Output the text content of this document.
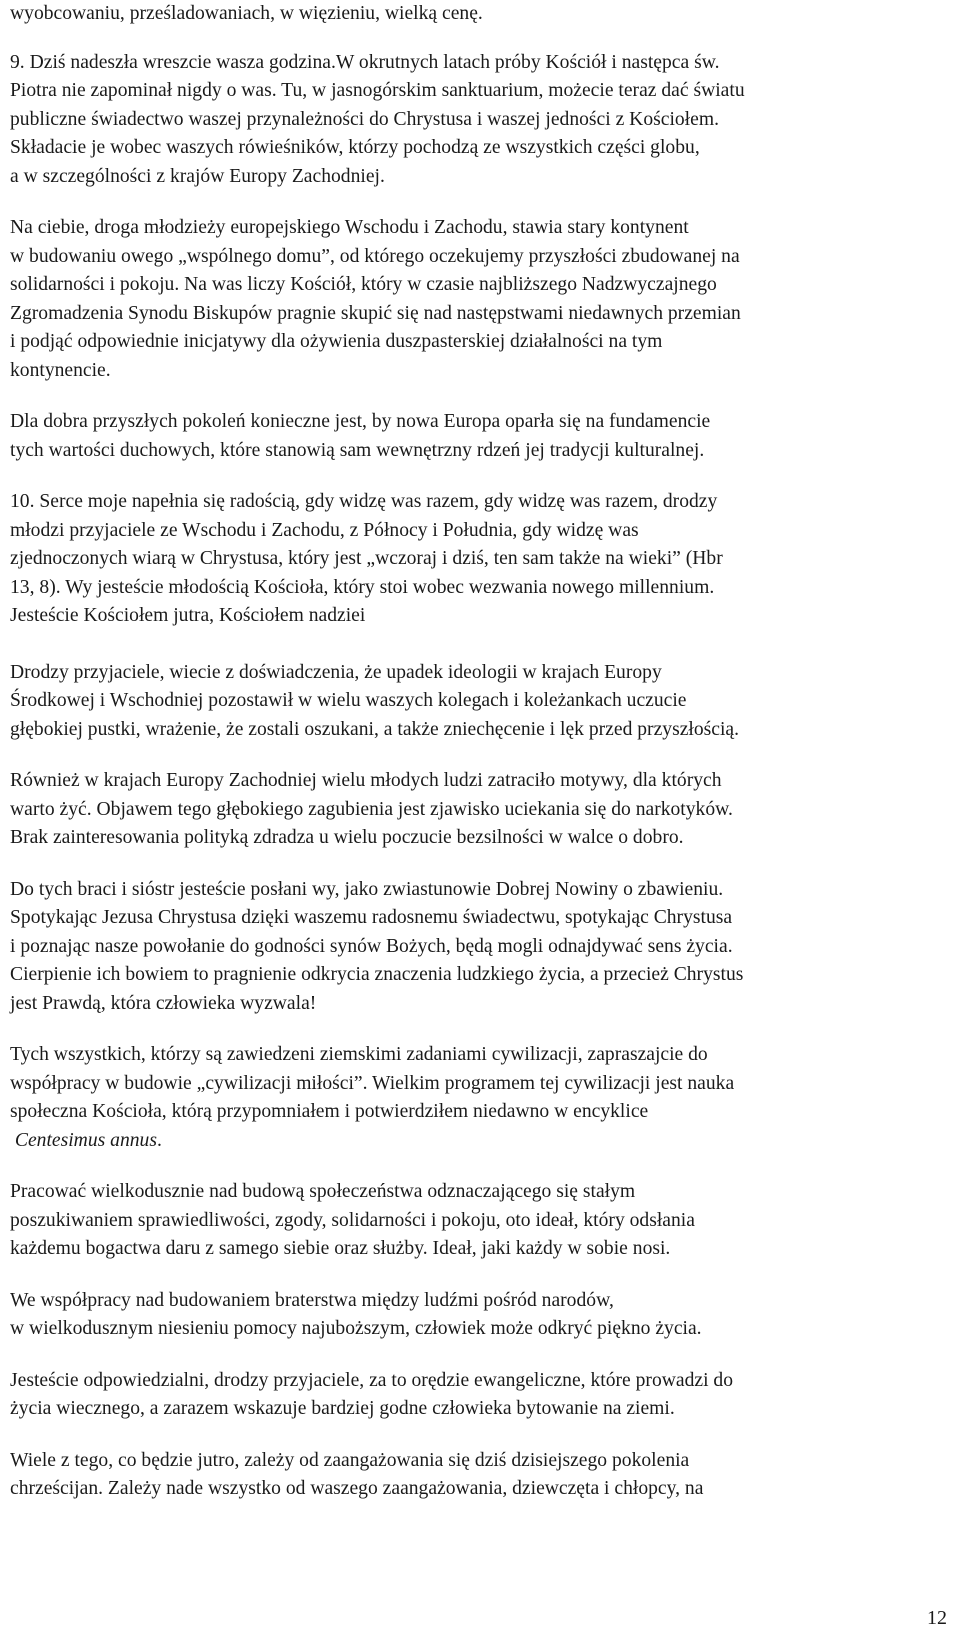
wyobcowaniu, prześladowaniach, w więzieniu, wielką cenę.

9. Dziś nadeszła wreszcie wasza godzina.W okrutnych latach próby Kościół i następca św.
Piotra nie zapominał nigdy o was. Tu, w jasnogórskim sanktuarium, możecie teraz dać światu
publiczne świadectwo waszej przynależności do Chrystusa i waszej jedności z Kościołem.
Składacie je wobec waszych rówieśników, którzy pochodzą ze wszystkich części globu,
a w szczególności z krajów Europy Zachodniej.

Na ciebie, droga młodzieży europejskiego Wschodu i Zachodu, stawia stary kontynent
w budowaniu owego „wspólnego domu”, od którego oczekujemy przyszłości zbudowanej na
solidarności i pokoju. Na was liczy Kościół, który w czasie najbliższego Nadzwyczajnego
Zgromadzenia Synodu Biskupów pragnie skupić się nad następstwami niedawnych przemian
i podjąć odpowiednie inicjatywy dla ożywienia duszpasterskiej działalności na tym
kontynencie.

Dla dobra przyszłych pokoleń konieczne jest, by nowa Europa oparła się na fundamencie
tych wartości duchowych, które stanowią sam wewnętrzny rdzeń jej tradycji kulturalnej.

10. Serce moje napełnia się radością, gdy widzę was razem, gdy widzę was razem, drodzy
młodzi przyjaciele ze Wschodu i Zachodu, z Północy i Południa, gdy widzę was
zjednoczonych wiarą w Chrystusa, który jest „wczoraj i dziś, ten sam także na wieki” (Hbr
13, 8). Wy jesteście młodością Kościoła, który stoi wobec wezwania nowego millennium.
Jesteście Kościołem jutra, Kościołem nadziei

Drodzy przyjaciele, wiecie z doświadczenia, że upadek ideologii w krajach Europy
Środkowej i Wschodniej pozostawił w wielu waszych kolegach i koleżankach uczucie
głębokiej pustki, wrażenie, że zostali oszukani, a także zniechęcenie i lęk przed przyszłością.

Również w krajach Europy Zachodniej wielu młodych ludzi zatraciło motywy, dla których
warto żyć. Objawem tego głębokiego zagubienia jest zjawisko uciekania się do narkotyków.
Brak zainteresowania polityką zdradza u wielu poczucie bezsilności w walce o dobro.

Do tych braci i sióstr jesteście posłani wy, jako zwiastunowie Dobrej Nowiny o zbawieniu.
Spotykając Jezusa Chrystusa dzięki waszemu radosnemu świadectwu, spotykając Chrystusa
i poznając nasze powołanie do godności synów Bożych, będą mogli odnajdywać sens życia.
Cierpienie ich bowiem to pragnienie odkrycia znaczenia ludzkiego życia, a przecież Chrystus
jest Prawdą, która człowieka wyzwala!

Tych wszystkich, którzy są zawiedzeni ziemskimi zadaniami cywilizacji, zapraszajcie do
współpracy w budowie „cywilizacji miłości”. Wielkim programem tej cywilizacji jest nauka
społeczna Kościoła, którą przypomniałem i potwierdziłem niedawno w encyklice
Centesimus annus.

Pracować wielkodusznie nad budową społeczeństwa odznaczającego się stałym
poszukiwaniem sprawiedliwości, zgody, solidarności i pokoju, oto ideał, który odsłania
każdemu bogactwa daru z samego siebie oraz służby. Ideał, jaki każdy w sobie nosi.

We współpracy nad budowaniem braterstwa między ludźmi pośród narodów,
w wielkodusznym niesieniu pomocy najuboższym, człowiek może odkryć piękno życia.

Jesteście odpowiedzialni, drodzy przyjaciele, za to orędzie ewangeliczne, które prowadzi do
życia wiecznego, a zarazem wskazuje bardziej godne człowieka bytowanie na ziemi.

Wiele z tego, co będzie jutro, zależy od zaangażowania się dziś dzisiejszego pokolenia
chrześcijan. Zależy nade wszystko od waszego zaangażowania, dziewczęta i chłopcy, na

12
